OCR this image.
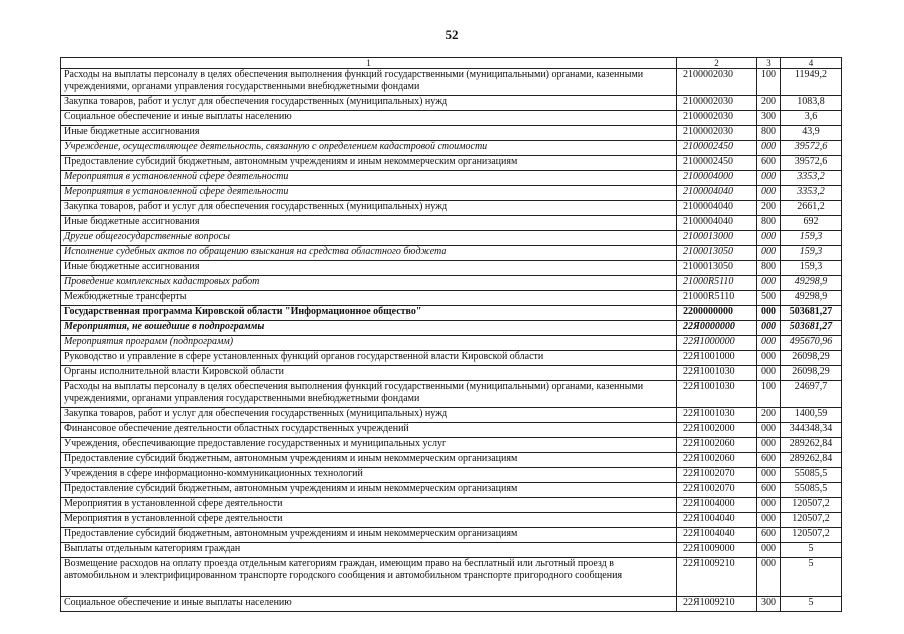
52
1	2	3	4
Расходы на выплаты персоналу в целях обеспечения выполнения функций государственными (муниципальными) органами, казенными учреждениями, органами управления государственными внебюджетными фондами	2100002030	100	11949,2
Закупка товаров, работ и услуг для обеспечения государственных (муниципальных) нужд	2100002030	200	1083,8
Социальное обеспечение и иные выплаты населению	2100002030	300	3,6
Иные бюджетные ассигнования	2100002030	800	43,9
Учреждение, осуществляющее деятельность, связанную с определением кадастровой стоимости	2100002450	000	39572,6
Предоставление субсидий бюджетным, автономным учреждениям и иным некоммерческим организациям	2100002450	600	39572,6
Мероприятия в установленной сфере деятельности	2100004000	000	3353,2
Мероприятия в установленной сфере деятельности	2100004040	000	3353,2
Закупка товаров, работ и услуг для обеспечения государственных (муниципальных) нужд	2100004040	200	2661,2
Иные бюджетные ассигнования	2100004040	800	692
Другие общегосударственные вопросы	2100013000	000	159,3
Исполнение судебных актов по обращению взыскания на средства областного бюджета	2100013050	000	159,3
Иные бюджетные ассигнования	2100013050	800	159,3
Проведение комплексных кадастровых работ	21000R5110	000	49298,9
Межбюджетные трансферты	21000R5110	500	49298,9
Государственная программа Кировской области "Информационное общество"	2200000000	000	503681,27
Мероприятия, не вошедшие в подпрограммы	22Я0000000	000	503681,27
Мероприятия программ (подпрограмм)	22Я1000000	000	495670,96
Руководство и управление в сфере установленных функций органов государственной власти Кировской области	22Я1001000	000	26098,29
Органы исполнительной власти Кировской области	22Я1001030	000	26098,29
Расходы на выплаты персоналу в целях обеспечения выполнения функций государственными (муниципальными) органами, казенными учреждениями, органами управления государственными внебюджетными фондами	22Я1001030	100	24697,7
Закупка товаров, работ и услуг для обеспечения государственных (муниципальных) нужд	22Я1001030	200	1400,59
Финансовое обеспечение деятельности областных государственных учреждений	22Я1002000	000	344348,34
Учреждения, обеспечивающие предоставление государственных и муниципальных услуг	22Я1002060	000	289262,84
Предоставление субсидий бюджетным, автономным учреждениям и иным некоммерческим организациям	22Я1002060	600	289262,84
Учреждения в сфере информационно-коммуникационных технологий	22Я1002070	000	55085,5
Предоставление субсидий бюджетным, автономным учреждениям и иным некоммерческим организациям	22Я1002070	600	55085,5
Мероприятия в установленной сфере деятельности	22Я1004000	000	120507,2
Мероприятия в установленной сфере деятельности	22Я1004040	000	120507,2
Предоставление субсидий бюджетным, автономным учреждениям и иным некоммерческим организациям	22Я1004040	600	120507,2
Выплаты отдельным категориям граждан	22Я1009000	000	5
Возмещение расходов на оплату проезда отдельным категориям граждан, имеющим право на бесплатный или льготный проезд в автомобильном и электрифицированном транспорте городского сообщения и автомобильном транспорте пригородного сообщения	22Я1009210	000	5
Социальное обеспечение и иные выплаты населению	22Я1009210	300	5
